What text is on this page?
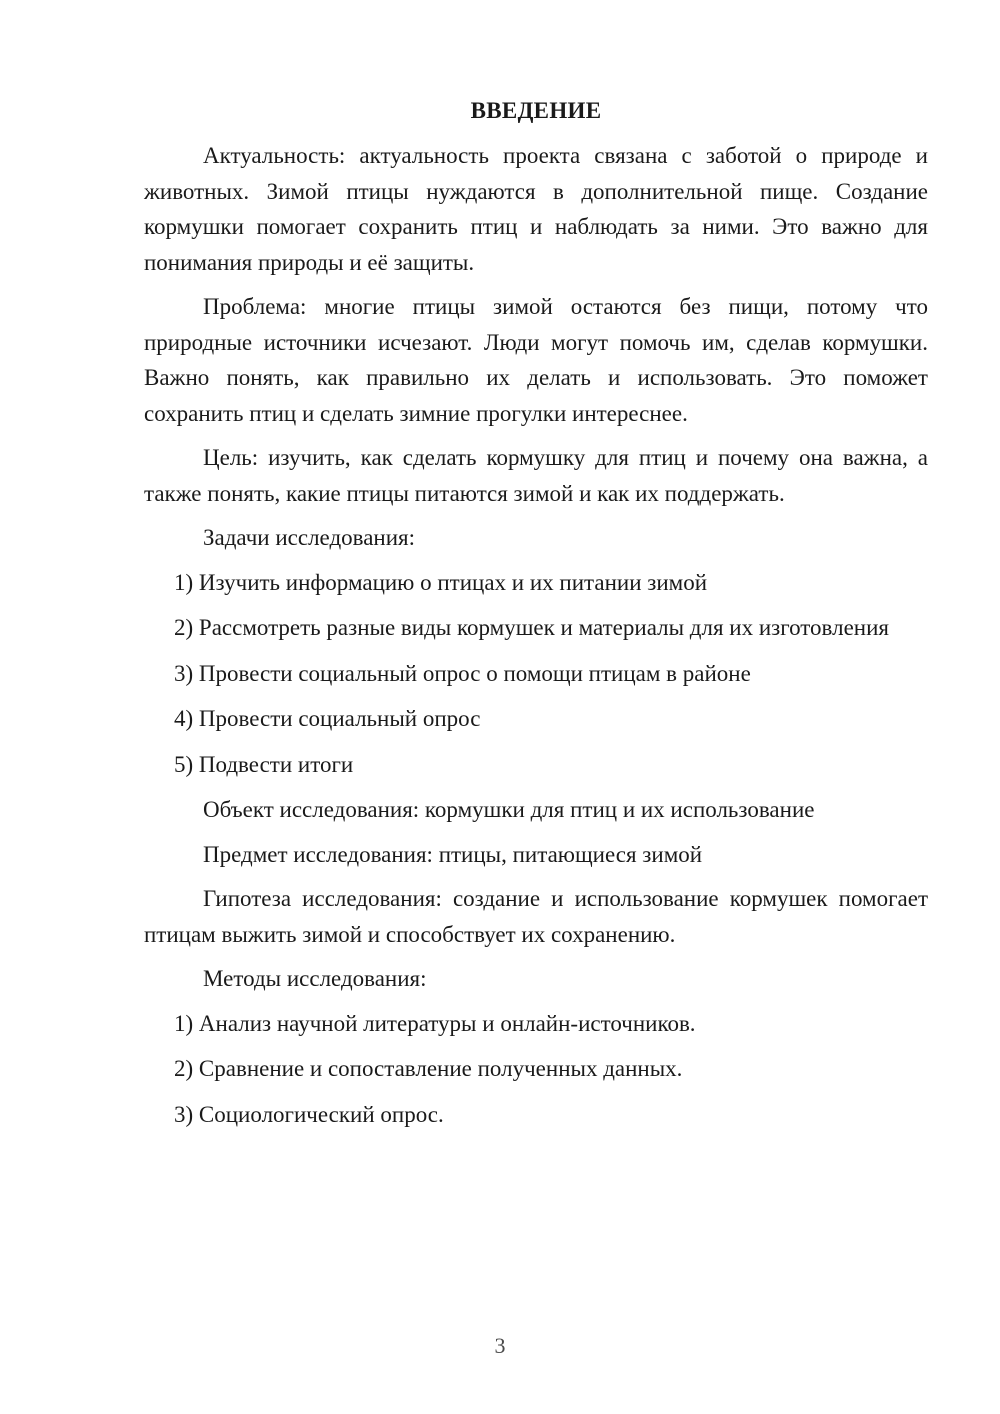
ВВЕДЕНИЕ

Актуальность: актуальность проекта связана с заботой о природе и животных. Зимой птицы нуждаются в дополнительной пище. Создание кормушки помогает сохранить птиц и наблюдать за ними. Это важно для понимания природы и её защиты.

Проблема: многие птицы зимой остаются без пищи, потому что природные источники исчезают. Люди могут помочь им, сделав кормушки. Важно понять, как правильно их делать и использовать. Это поможет сохранить птиц и сделать зимние прогулки интереснее.

Цель: изучить, как сделать кормушку для птиц и почему она важна, а также понять, какие птицы питаются зимой и как их поддержать.

Задачи исследования:

1) Изучить информацию о птицах и их питании зимой

2) Рассмотреть разные виды кормушек и материалы для их изготовления

3) Провести социальный опрос о помощи птицам в районе

4) Провести социальный опрос

5) Подвести итоги

Объект исследования: кормушки для птиц и их использование

Предмет исследования: птицы, питающиеся зимой

Гипотеза исследования: создание и использование кормушек помогает птицам выжить зимой и способствует их сохранению.

Методы исследования:

1) Анализ научной литературы и онлайн-источников.

2) Сравнение и сопоставление полученных данных.

3) Социологический опрос.

3
